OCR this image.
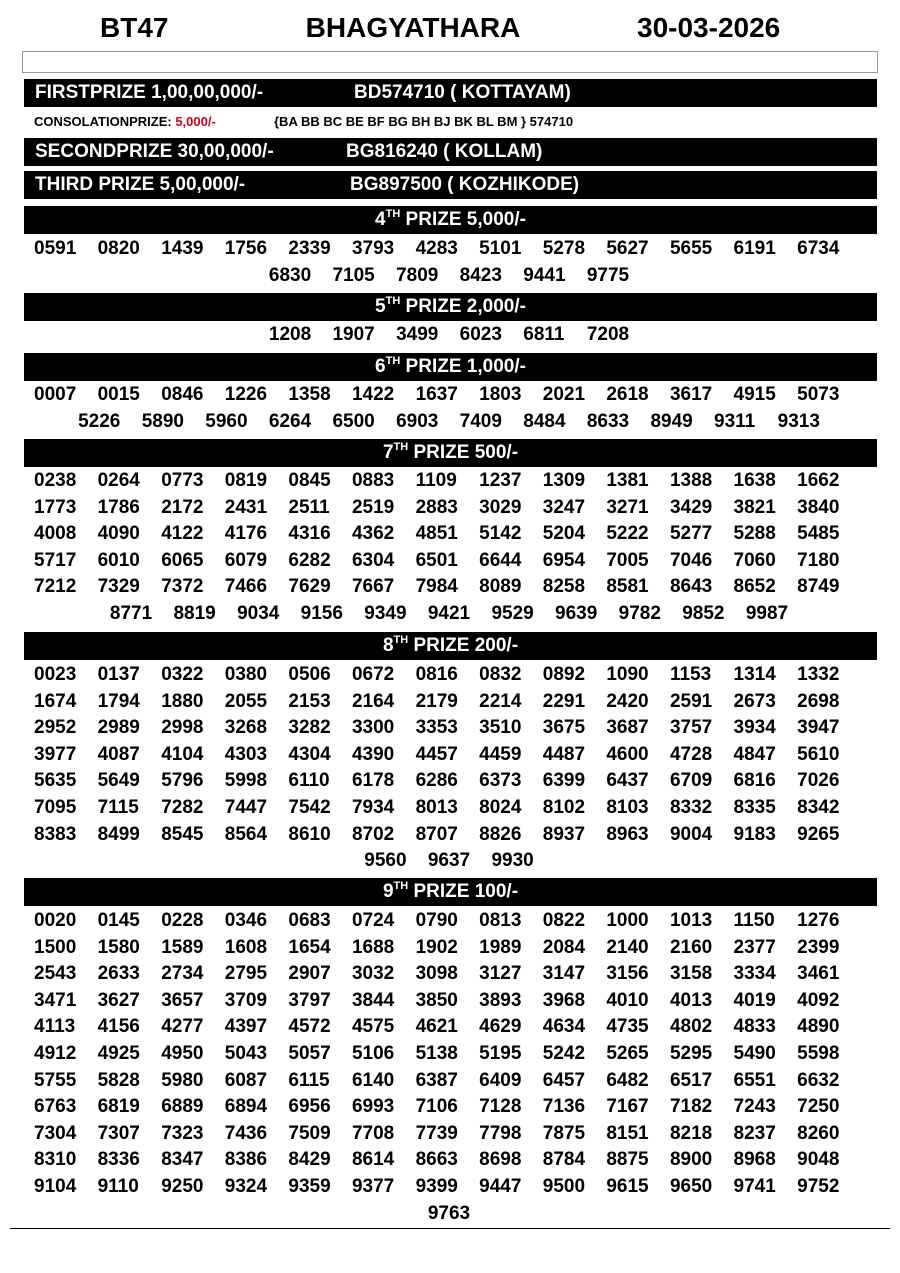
BT47	BHAGYATHARA	30-03-2026
FIRSTPRIZE 1,00,00,000/-	BD574710 ( KOTTAYAM)
CONSOLATIONPRIZE: 5,000/-	{BA BB BC BE BF BG BH BJ BK BL BM } 574710
SECONDPRIZE 30,00,000/-	BG816240 ( KOLLAM)
THIRD PRIZE 5,00,000/-	BG897500 ( KOZHIKODE)
4TH PRIZE 5,000/-
0591 0820 1439 1756 2339 3793 4283 5101 5278 5627 5655 6191 6734
6830 7105 7809 8423 9441 9775
5TH PRIZE 2,000/-
1208 1907 3499 6023 6811 7208
6TH PRIZE 1,000/-
0007 0015 0846 1226 1358 1422 1637 1803 2021 2618 3617 4915 5073
5226 5890 5960 6264 6500 6903 7409 8484 8633 8949 9311 9313
7TH PRIZE 500/-
0238 0264 0773 0819 0845 0883 1109 1237 1309 1381 1388 1638 1662
1773 1786 2172 2431 2511 2519 2883 3029 3247 3271 3429 3821 3840
4008 4090 4122 4176 4316 4362 4851 5142 5204 5222 5277 5288 5485
5717 6010 6065 6079 6282 6304 6501 6644 6954 7005 7046 7060 7180
7212 7329 7372 7466 7629 7667 7984 8089 8258 8581 8643 8652 8749
8771 8819 9034 9156 9349 9421 9529 9639 9782 9852 9987
8TH PRIZE 200/-
0023 0137 0322 0380 0506 0672 0816 0832 0892 1090 1153 1314 1332
1674 1794 1880 2055 2153 2164 2179 2214 2291 2420 2591 2673 2698
2952 2989 2998 3268 3282 3300 3353 3510 3675 3687 3757 3934 3947
3977 4087 4104 4303 4304 4390 4457 4459 4487 4600 4728 4847 5610
5635 5649 5796 5998 6110 6178 6286 6373 6399 6437 6709 6816 7026
7095 7115 7282 7447 7542 7934 8013 8024 8102 8103 8332 8335 8342
8383 8499 8545 8564 8610 8702 8707 8826 8937 8963 9004 9183 9265
9560 9637 9930
9TH PRIZE 100/-
0020 0145 0228 0346 0683 0724 0790 0813 0822 1000 1013 1150 1276
1500 1580 1589 1608 1654 1688 1902 1989 2084 2140 2160 2377 2399
2543 2633 2734 2795 2907 3032 3098 3127 3147 3156 3158 3334 3461
3471 3627 3657 3709 3797 3844 3850 3893 3968 4010 4013 4019 4092
4113 4156 4277 4397 4572 4575 4621 4629 4634 4735 4802 4833 4890
4912 4925 4950 5043 5057 5106 5138 5195 5242 5265 5295 5490 5598
5755 5828 5980 6087 6115 6140 6387 6409 6457 6482 6517 6551 6632
6763 6819 6889 6894 6956 6993 7106 7128 7136 7167 7182 7243 7250
7304 7307 7323 7436 7509 7708 7739 7798 7875 8151 8218 8237 8260
8310 8336 8347 8386 8429 8614 8663 8698 8784 8875 8900 8968 9048
9104 9110 9250 9324 9359 9377 9399 9447 9500 9615 9650 9741 9752
9763
